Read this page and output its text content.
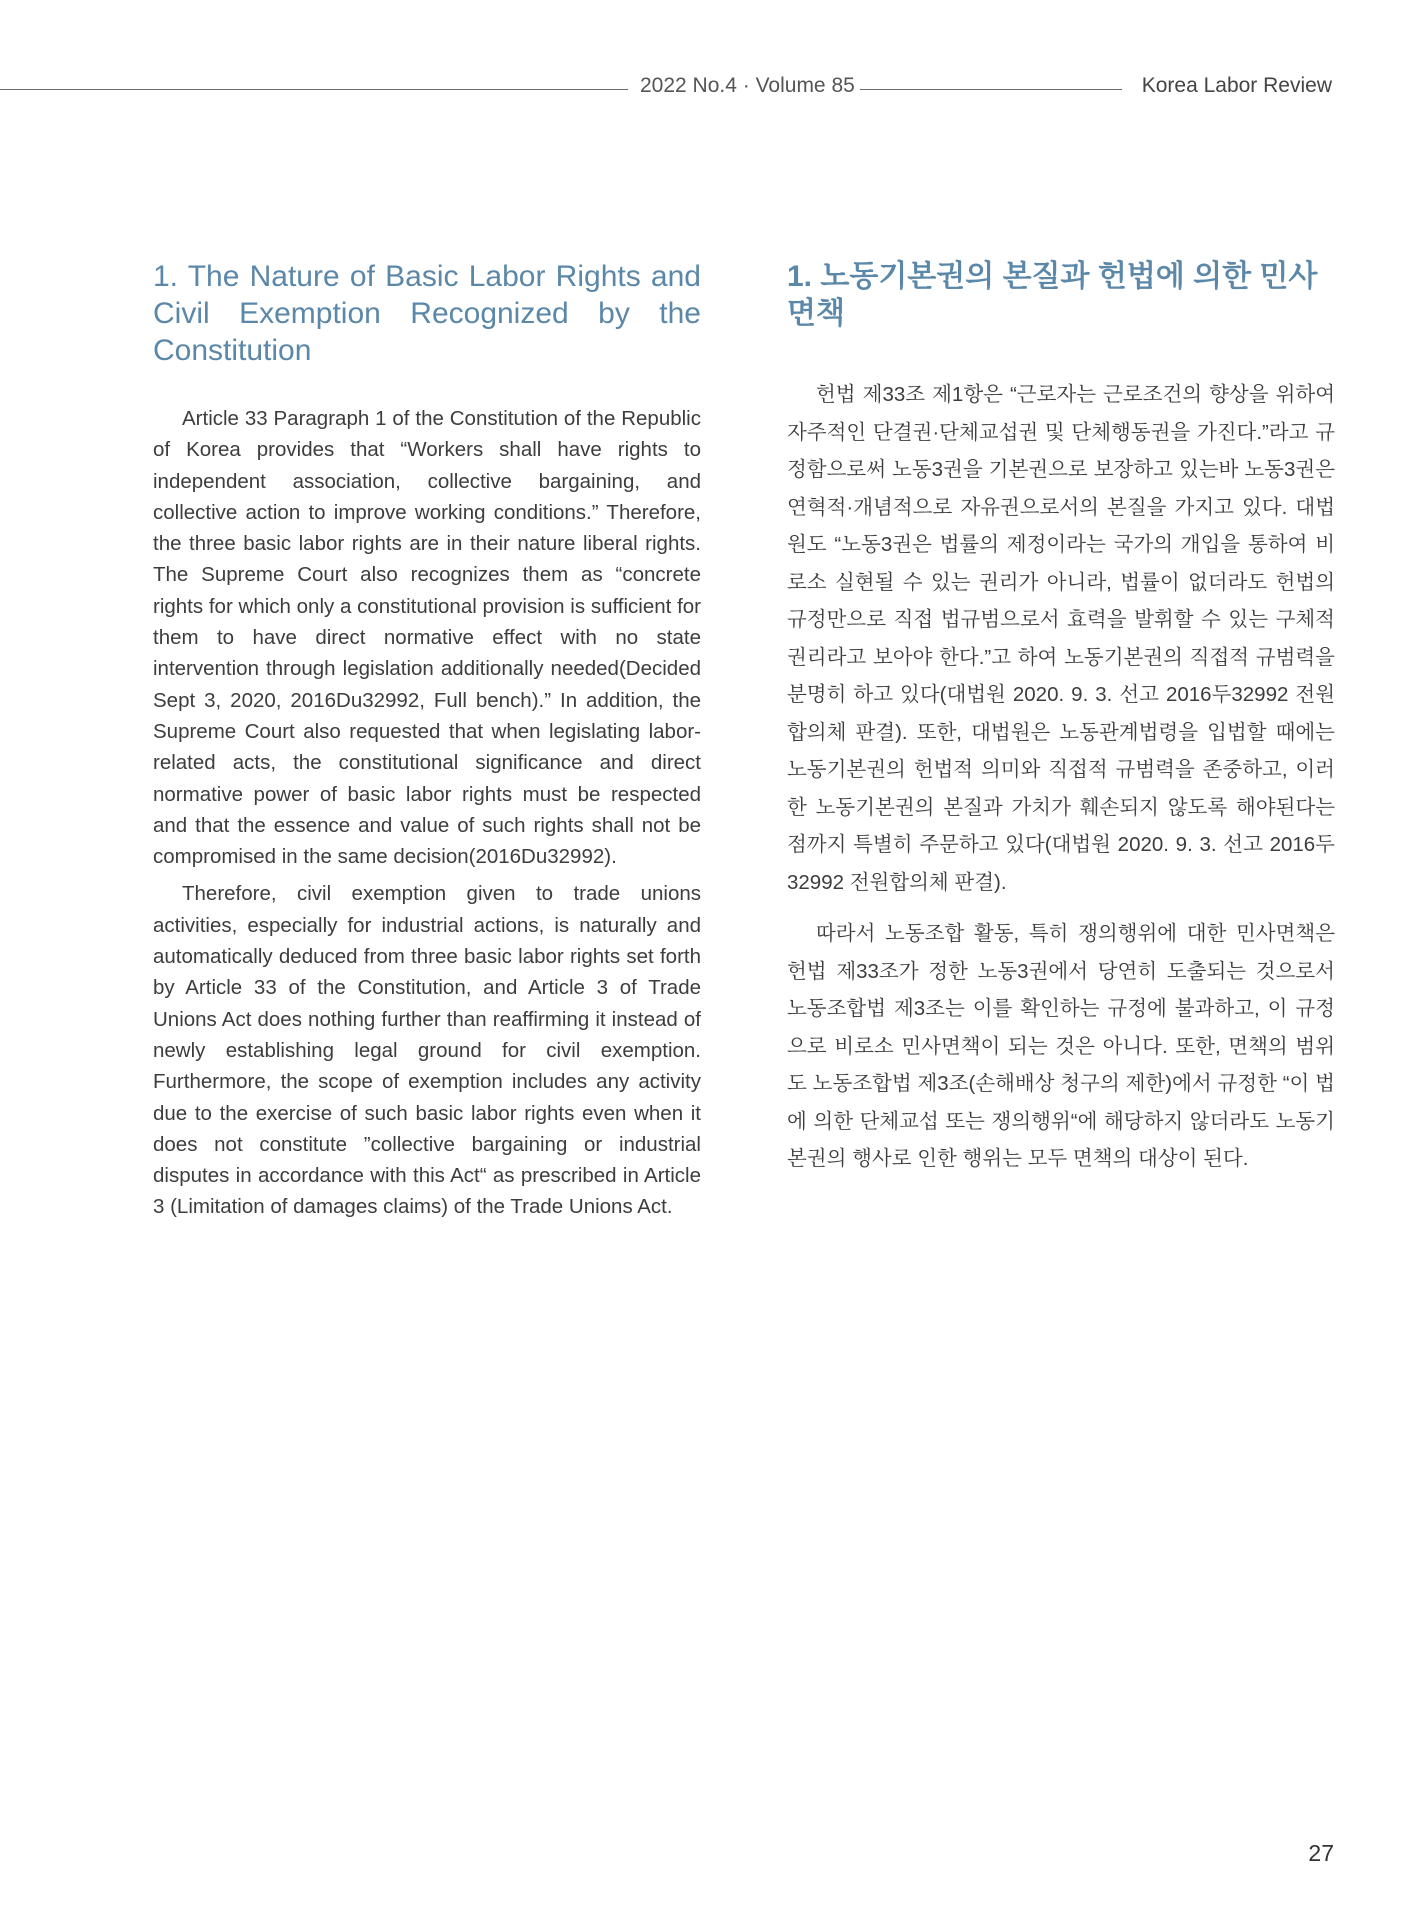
2022 No.4 · Volume 85	Korea Labor Review
1. The Nature of Basic Labor Rights and Civil Exemption Recognized by the Constitution

Article 33 Paragraph 1 of the Constitution of the Republic of Korea provides that “Workers shall have rights to independent association, collective bargaining, and collective action to improve working conditions.” Therefore, the three basic labor rights are in their nature liberal rights. The Supreme Court also recognizes them as “concrete rights for which only a constitutional provision is sufficient for them to have direct normative effect with no state intervention through legislation additionally needed(Decided Sept 3, 2020, 2016Du32992, Full bench).” In addition, the Supreme Court also requested that when legislating labor-related acts, the constitutional significance and direct normative power of basic labor rights must be respected and that the essence and value of such rights shall not be compromised in the same decision(2016Du32992).

Therefore, civil exemption given to trade unions activities, especially for industrial actions, is naturally and automatically deduced from three basic labor rights set forth by Article 33 of the Constitution, and Article 3 of Trade Unions Act does nothing further than reaffirming it instead of newly establishing legal ground for civil exemption. Furthermore, the scope of exemption includes any activity due to the exercise of such basic labor rights even when it does not constitute ”collective bargaining or industrial disputes in accordance with this Act“ as prescribed in Article 3 (Limitation of damages claims) of the Trade Unions Act.

1. 노동기본권의 본질과 헌법에 의한 민사면책

헌법 제33조 제1항은 “근로자는 근로조건의 향상을 위하여 자주적인 단결권·단체교섭권 및 단체행동권을 가진다.”라고 규정함으로써 노동3권을 기본권으로 보장하고 있는바 노동3권은 연혁적·개념적으로 자유권으로서의 본질을 가지고 있다. 대법원도 “노동3권은 법률의 제정이라는 국가의 개입을 통하여 비로소 실현될 수 있는 권리가 아니라, 법률이 없더라도 헌법의 규정만으로 직접 법규범으로서 효력을 발휘할 수 있는 구체적 권리라고 보아야 한다.”고 하여 노동기본권의 직접적 규범력을 분명히 하고 있다(대법원 2020. 9. 3. 선고 2016두32992 전원합의체 판결). 또한, 대법원은 노동관계법령을 입법할 때에는 노동기본권의 헌법적 의미와 직접적 규범력을 존중하고, 이러한 노동기본권의 본질과 가치가 훼손되지 않도록 해야된다는 점까지 특별히 주문하고 있다(대법원 2020. 9. 3. 선고 2016두32992 전원합의체 판결).

따라서 노동조합 활동, 특히 쟁의행위에 대한 민사면책은 헌법 제33조가 정한 노동3권에서 당연히 도출되는 것으로서 노동조합법 제3조는 이를 확인하는 규정에 불과하고, 이 규정으로 비로소 민사면책이 되는 것은 아니다. 또한, 면책의 범위도 노동조합법 제3조(손해배상 청구의 제한)에서 규정한 “이 법에 의한 단체교섭 또는 쟁의행위“에 해당하지 않더라도 노동기본권의 행사로 인한 행위는 모두 면책의 대상이 된다.

27
